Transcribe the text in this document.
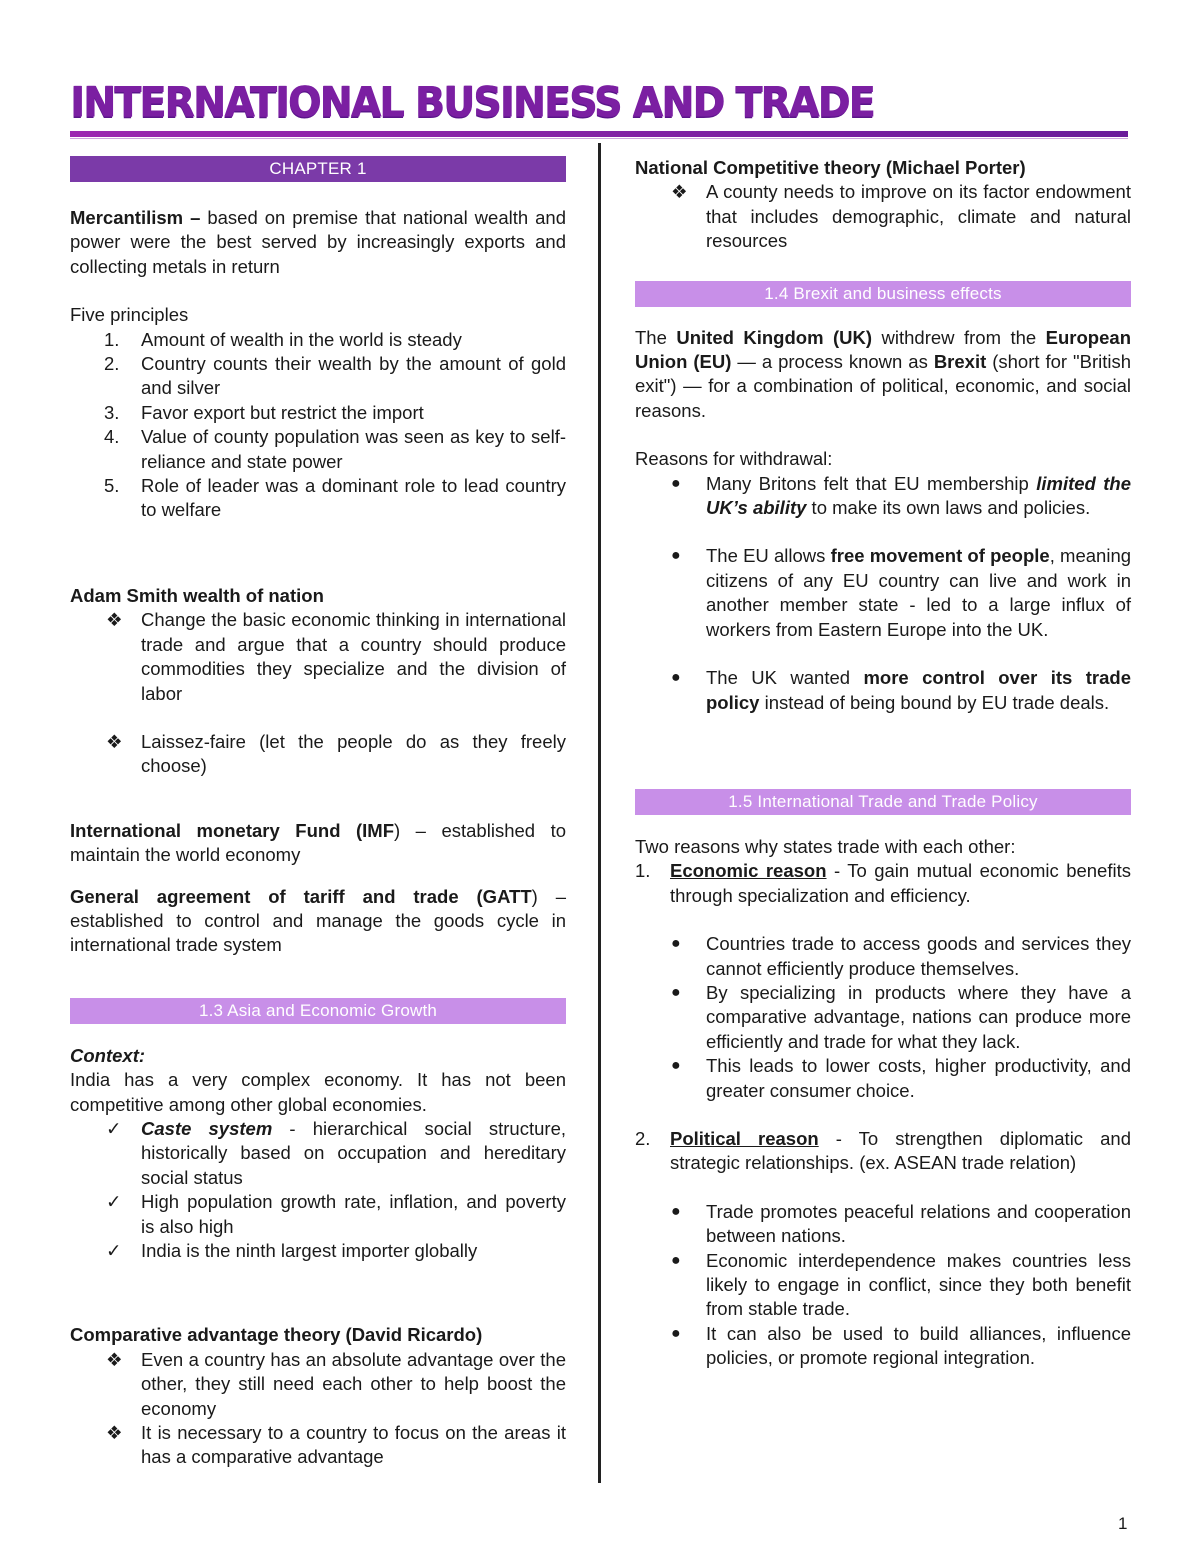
INTERNATIONAL BUSINESS AND TRADE
CHAPTER 1

Mercantilism – based on premise that national wealth and power were the best served by increasingly exports and collecting metals in return

Five principles
1.	Amount of wealth in the world is steady
2.	Country counts their wealth by the amount of gold and silver
3.	Favor export but restrict the import
4.	Value of county population was seen as key to self-reliance and state power
5.	Role of leader was a dominant role to lead country to welfare
Adam Smith wealth of nation
❖ Change the basic economic thinking in international trade and argue that a country should produce commodities they specialize and the division of labor
❖ Laissez-faire (let the people do as they freely choose)

International monetary Fund (IMF) – established to maintain the world economy

General agreement of tariff and trade (GATT) – established to control and manage the goods cycle in international trade system

1.3 Asia and Economic Growth
Context:

India has a very complex economy. It has not been competitive among other global economies.

✓	Caste system - hierarchical social structure, historically based on occupation and hereditary social status
✓	High population growth rate, inflation, and poverty is also high
✓	India is the ninth largest importer globally
Comparative advantage theory (David Ricardo)
❖ Even a country has an absolute advantage over the other, they still need each other to help boost the economy
❖ It is necessary to a country to focus on the areas it has a comparative advantage
National Competitive theory (Michael Porter)
❖ A county needs to improve on its factor endowment that includes demographic, climate and natural resources
1.4 Brexit and business effects

The United Kingdom (UK) withdrew from the European Union (EU) — a process known as Brexit (short for "British exit") — for a combination of political, economic, and social reasons.

Reasons for withdrawal:
●	Many Britons felt that EU membership limited the UK’s ability to make its own laws and policies.
●	The EU allows free movement of people, meaning citizens of any EU country can live and work in another member state - led to a large influx of workers from Eastern Europe into the UK.
●	The UK wanted more control over its trade policy instead of being bound by EU trade deals.
1.5 International Trade and Trade Policy
Two reasons why states trade with each other:
1.	Economic reason - To gain mutual economic benefits through specialization and efficiency.
●	Countries trade to access goods and services they cannot efficiently produce themselves.
●	By specializing in products where they have a comparative advantage, nations can produce more efficiently and trade for what they lack.
●	This leads to lower costs, higher productivity, and greater consumer choice.
2.	Political reason - To strengthen diplomatic and strategic relationships. (ex. ASEAN trade relation)
●	Trade promotes peaceful relations and cooperation between nations.
●	Economic interdependence makes countries less likely to engage in conflict, since they both benefit from stable trade.
●	It can also be used to build alliances, influence policies, or promote regional integration.
1
